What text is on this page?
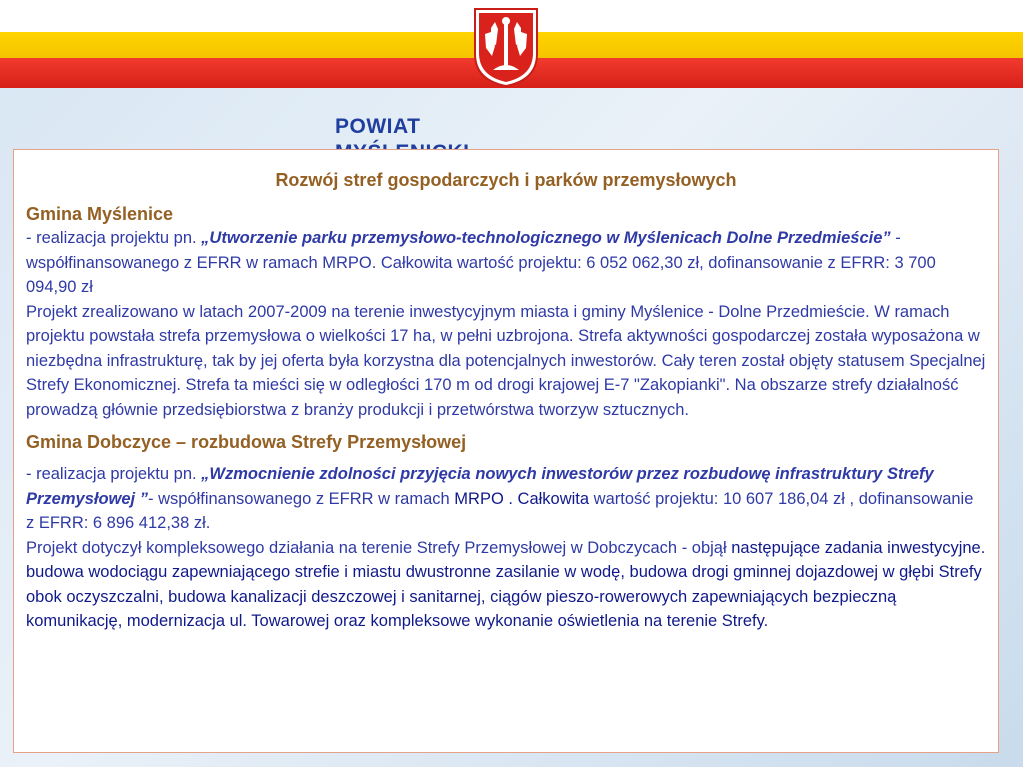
POWIAT
Rozwój stref gospodarczych i parków przemysłowych
Gmina Myślenice

- realizacja projektu pn. „Utworzenie parku przemysłowo-technologicznego w Myślenicach Dolne Przedmieście” - współfinansowanego z EFRR w ramach MRPO. Całkowita wartość projektu: 6 052 062,30 zł, dofinansowanie z EFRR: 3 700 094,90 zł

Projekt zrealizowano w latach 2007-2009 na terenie inwestycyjnym miasta i gminy Myślenice - Dolne Przedmieście. W ramach projektu powstała strefa przemysłowa o wielkości 17 ha, w pełni uzbrojona. Strefa aktywności gospodarczej została wyposażona w niezbędna infrastrukturę, tak by jej oferta była korzystna dla potencjalnych inwestorów. Cały teren został objęty statusem Specjalnej Strefy Ekonomicznej. Strefa ta mieści się w odległości 170 m od drogi krajowej E-7 "Zakopianki". Na obszarze strefy działalność prowadzą głównie przedsiębiorstwa z branży produkcji i przetwórstwa tworzyw sztucznych.

Gmina Dobczyce – rozbudowa Strefy Przemysłowej

- realizacja projektu pn. „Wzmocnienie zdolności przyjęcia nowych inwestorów przez rozbudowę infrastruktury Strefy Przemysłowej ”- współfinansowanego z EFRR w ramach MRPO . Całkowita wartość projektu: 10 607 186,04 zł , dofinansowanie z EFRR: 6 896 412,38 zł.

Projekt dotyczył kompleksowego działania na terenie Strefy Przemysłowej w Dobczycach - objął następujące zadania inwestycyjne. budowa wodociągu zapewniającego strefie i miastu dwustronne zasilanie w wodę, budowa drogi gminnej dojazdowej w głębi Strefy obok oczyszczalni, budowa kanalizacji deszczowej i sanitarnej, ciągów pieszo-rowerowych zapewniających bezpieczną komunikację, modernizacja ul. Towarowej oraz kompleksowe wykonanie oświetlenia na terenie Strefy.
